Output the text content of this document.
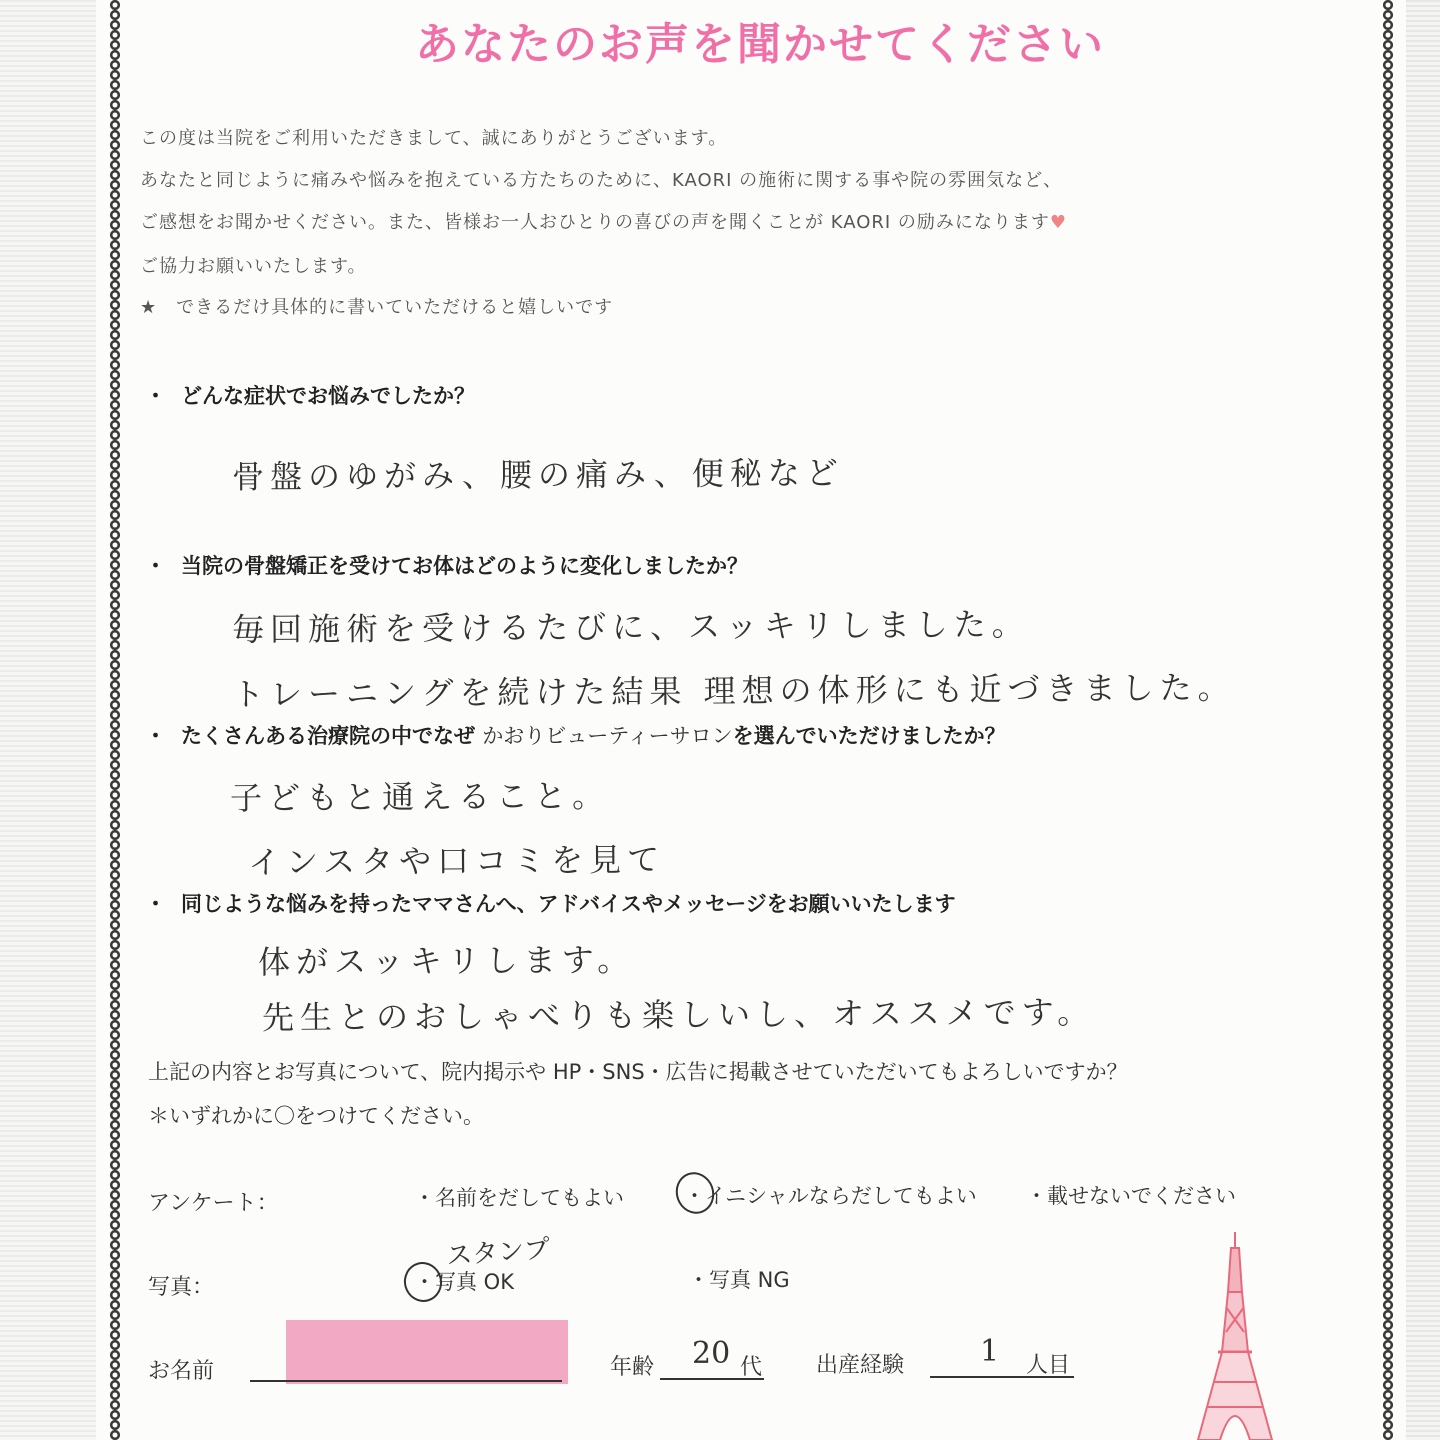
あなたのお声を聞かせてください
この度は当院をご利用いただきまして、誠にありがとうございます。
あなたと同じように痛みや悩みを抱えている方たちのために、KAORI の施術に関する事や院の雰囲気など、
ご感想をお聞かせください。また、皆様お一人おひとりの喜びの声を聞くことが KAORI の励みになります♥
ご協力お願いいたします。
★　できるだけ具体的に書いていただけると嬉しいです
・ どんな症状でお悩みでしたか？
骨盤のゆがみ、腰の痛み、便秘など
・ 当院の骨盤矯正を受けてお体はどのように変化しましたか？
毎回施術を受けるたびに、スッキリしました。
トレーニングを続けた結果 理想の体形にも近づきました。
・ たくさんある治療院の中でなぜ かおりビューティーサロンを選んでいただけましたか？
子どもと通えること。
インスタや口コミを見て
・ 同じような悩みを持ったママさんへ、アドバイスやメッセージをお願いいたします
体がスッキリします。
先生とのおしゃべりも楽しいし、オススメです。
上記の内容とお写真について、院内掲示や HP・SNS・広告に掲載させていただいてもよろしいですか？
＊いずれかに〇をつけてください。
アンケート：	・名前をだしてもよい	・イニシャルならだしてもよい ・載せないでください
写真：
スタンプ
・写真 OK	・写真 NG
お名前	年齢 20 代 出産経験	1 人目
